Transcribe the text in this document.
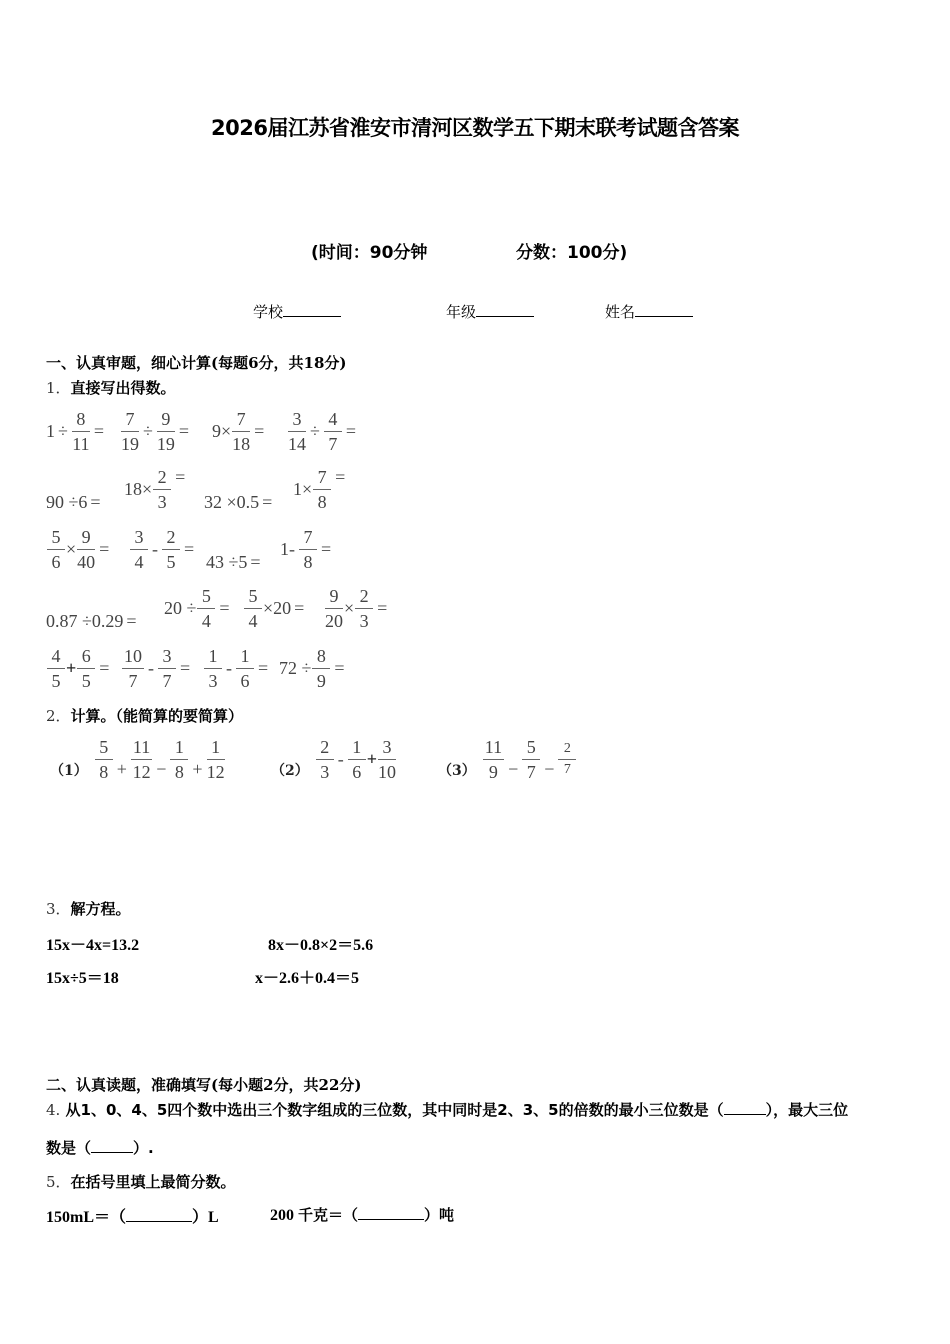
2026届江苏省淮安市清河区数学五下期末联考试题含答案
(时间：90分钟	分数：100分)
学校	年级	姓名
一、认真审题，细心计算(每题6分，共18分)
1．直接写出得数。
$1 \div \frac{8}{11} = \frac{7}{19} \div \frac{9}{19} = 9 \times \frac{7}{18} = \frac{3}{14} \div \frac{4}{7}$ =
90 ÷6 =
$18 \times \frac{2}{3}$ =
32 ×0.5 =
$1 \times \frac{7}{8}$ =
$\frac{5}{6} \times \frac{9}{40} = \frac{3}{4} - \frac{2}{5}$ =
43 ÷5 =
$1- \frac{7}{8}$ =
0.87 ÷0.29 =
$20 \div \frac{5}{4} = \frac{5}{4} \times 20 = \frac{9}{20} \times \frac{2}{3}$ =
$\frac{4}{5} + \frac{6}{5} = \frac{10}{7} - \frac{3}{7} = \frac{1}{3} - \frac{1}{6} = 72 \div \frac{8}{9}$ =
2．计算。（能简算的要简算）
$(1) \frac{5}{8} + \frac{11}{12} - \frac{1}{8} + \frac{1}{12}$	$(2) \frac{2}{3} - \frac{1}{6} + \frac{3}{10}$	$(3) \frac{11}{9} - \frac{5}{7} - \frac{2}{7}$
3．解方程。
15x－4x=13.2	8x－0.8×2＝5.6
15x÷5＝18	x－2.6＋0.4＝5
二、认真读题，准确填写(每小题2分，共22分)
4. 从1、0、4、5四个数中选出三个数字组成的三位数，其中同时是2、3、5的倍数的最小三位数是（	），最大三位
数是（	）.
5．在括号里填上最简分数。
150mL＝（	）L	200 千克＝（	）吨
